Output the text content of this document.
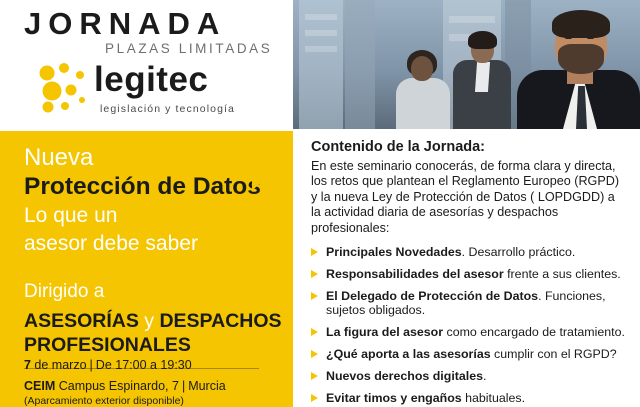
JORNADA
PLAZAS LIMITADAS
legitec
legislación y tecnología
Nueva
Protección de Datos
Lo que un
asesor debe saber
Dirigido a
ASESORÍAS y DESPACHOS
PROFESIONALES
7 de marzo | De 17:00 a 19:30
CEIM Campus Espinardo, 7 | Murcia
(Aparcamiento exterior disponible)
Contenido de la Jornada:
En este seminario conocerás, de forma clara y directa, los retos que plantean el Reglamento Europeo (RGPD) y la nueva Ley de Protección de Datos ( LOPDGDD) a la actividad diaria de asesorías y despachos profesionales:
Principales Novedades. Desarrollo práctico.
Responsabilidades del asesor frente a sus clientes.
El Delegado de Protección de Datos. Funciones, sujetos obligados.
La figura del asesor como encargado de tratamiento.
¿Qué aporta a las asesorías cumplir con el RGPD?
Nuevos derechos digitales.
Evitar timos y engaños habituales.
